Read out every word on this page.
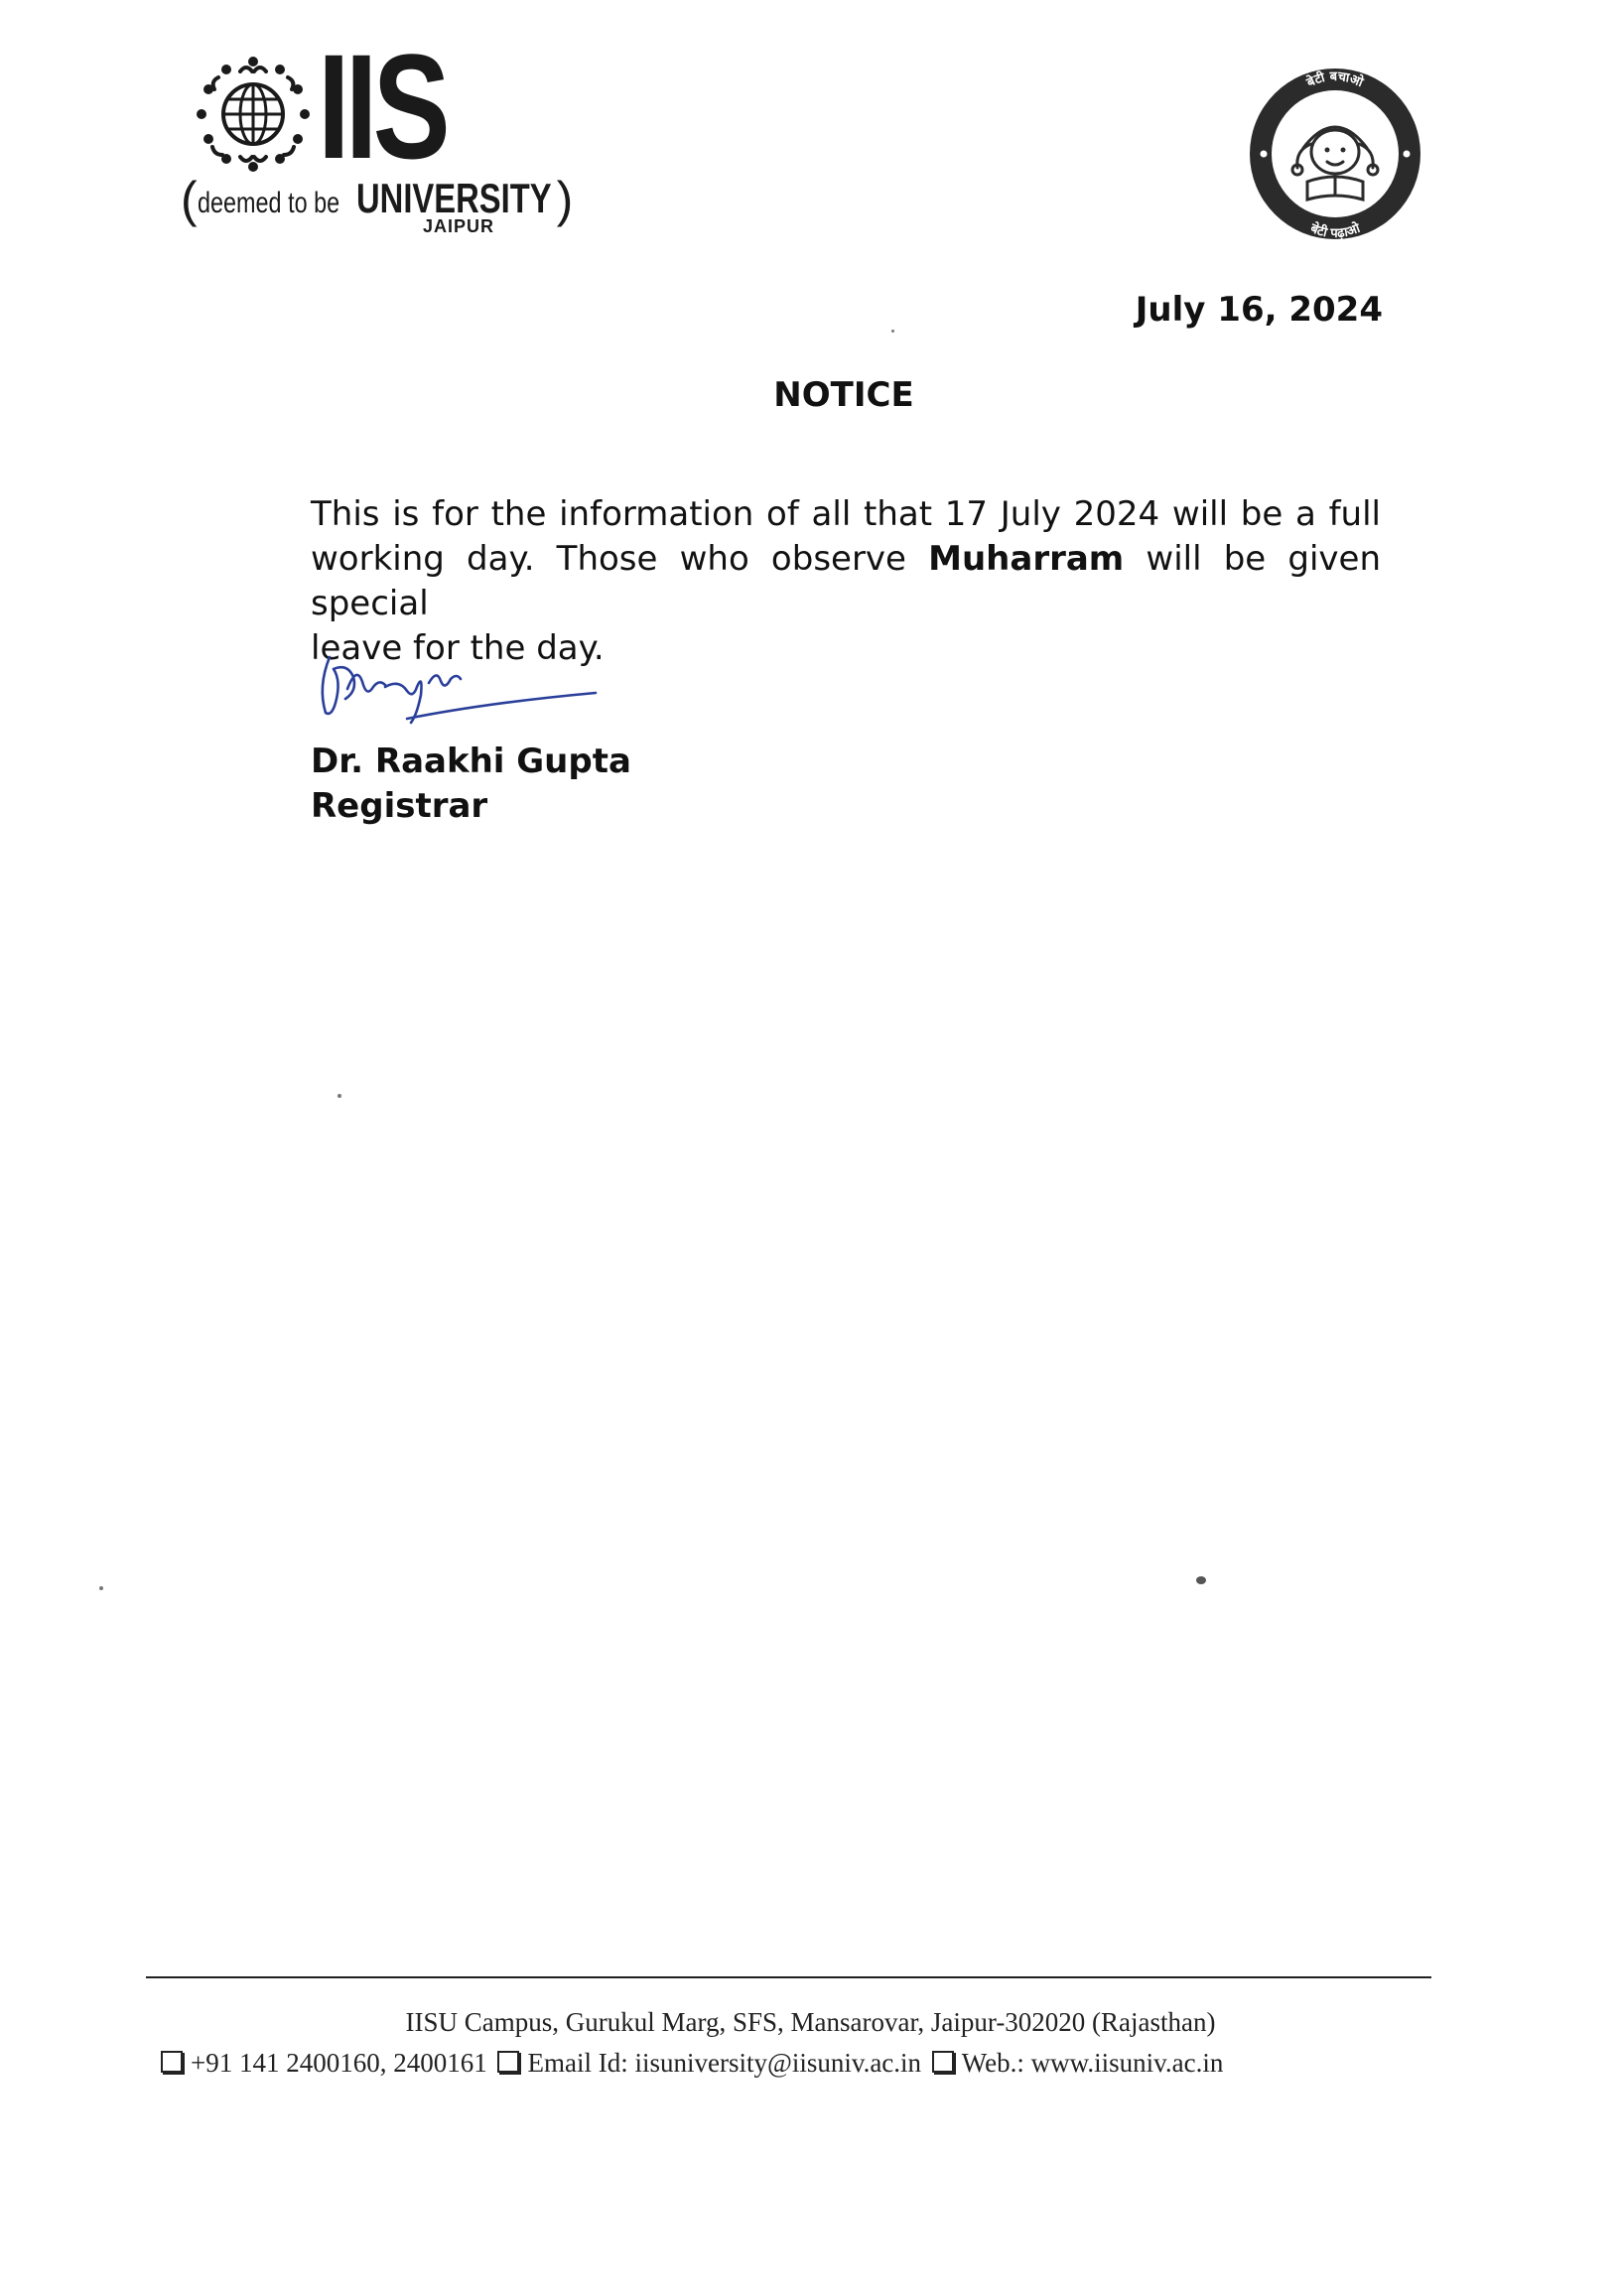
IIS
(deemed to be UNIVERSITY )
JAIPUR
बेटी बचाओ
बेटी पढ़ाओ
July 16, 2024
NOTICE
This is for the information of all that 17 July 2024 will be a full
working day. Those who observe Muharram will be given special
leave for the day.
Dr. Raakhi Gupta
Registrar
IISU Campus, Gurukul Marg, SFS, Mansarovar, Jaipur-302020 (Rajasthan)
+91 141 2400160, 2400161 Email Id: iisuniversity@iisuniv.ac.in Web.: www.iisuniv.ac.in
